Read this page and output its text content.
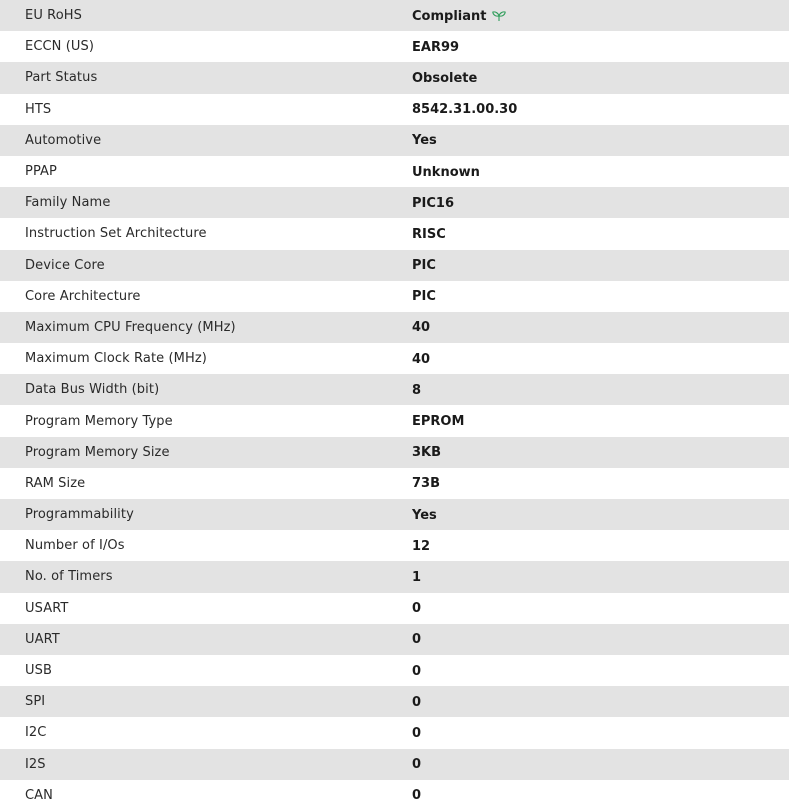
EU RoHS	Compliant
ECCN (US)	EAR99
Part Status	Obsolete
HTS	8542.31.00.30
Automotive	Yes
PPAP	Unknown
Family Name	PIC16
Instruction Set Architecture	RISC
Device Core	PIC
Core Architecture	PIC
Maximum CPU Frequency (MHz)	40
Maximum Clock Rate (MHz)	40
Data Bus Width (bit)	8
Program Memory Type	EPROM
Program Memory Size	3KB
RAM Size	73B
Programmability	Yes
Number of I/Os	12
No. of Timers	1
USART	0
UART	0
USB	0
SPI	0
I2C	0
I2S	0
CAN	0
